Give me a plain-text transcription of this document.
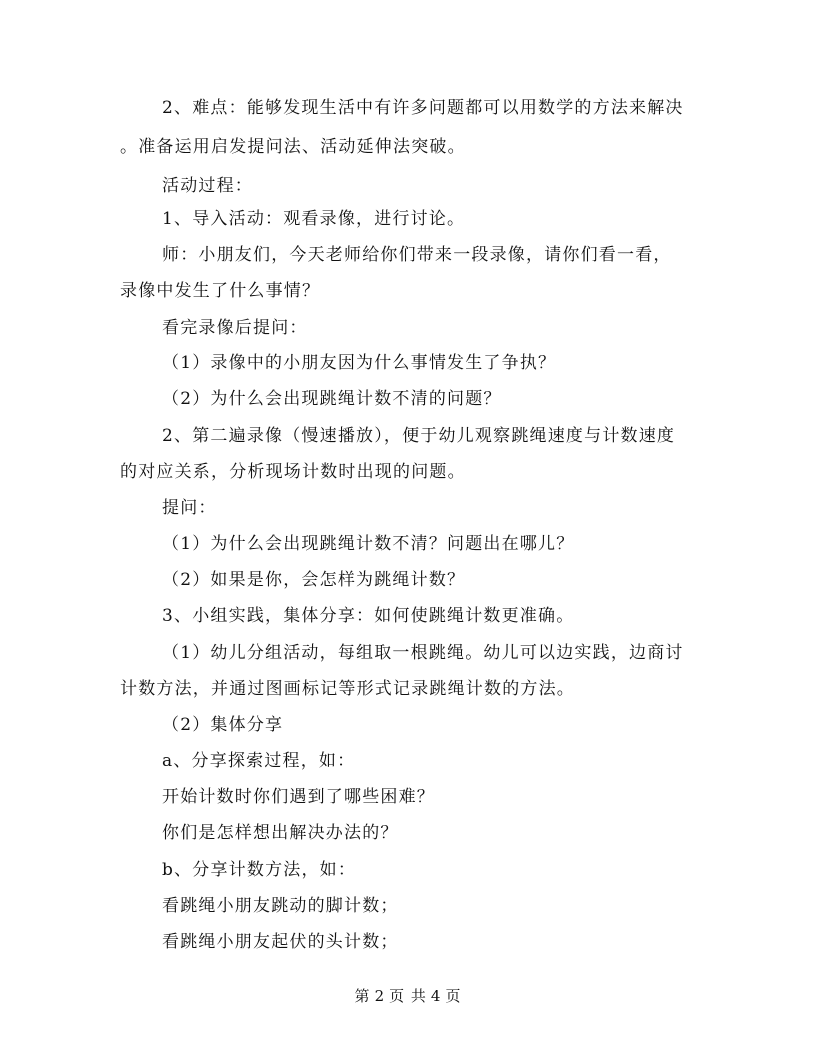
2、难点：能够发现生活中有许多问题都可以用数学的方法来解决
。准备运用启发提问法、活动延伸法突破。
活动过程：
1、导入活动：观看录像，进行讨论。
师：小朋友们，今天老师给你们带来一段录像，请你们看一看，
录像中发生了什么事情？
看完录像后提问：
（1）录像中的小朋友因为什么事情发生了争执？
（2）为什么会出现跳绳计数不清的问题？
2、第二遍录像（慢速播放），便于幼儿观察跳绳速度与计数速度
的对应关系，分析现场计数时出现的问题。
提问：
（1）为什么会出现跳绳计数不清？问题出在哪儿？
（2）如果是你，会怎样为跳绳计数？
3、小组实践，集体分享：如何使跳绳计数更准确。
（1）幼儿分组活动，每组取一根跳绳。幼儿可以边实践，边商讨
计数方法，并通过图画标记等形式记录跳绳计数的方法。
（2）集体分享
a、分享探索过程，如：
开始计数时你们遇到了哪些困难？
你们是怎样想出解决办法的？
b、分享计数方法，如：
看跳绳小朋友跳动的脚计数；
看跳绳小朋友起伏的头计数；
第 2 页 共 4 页
